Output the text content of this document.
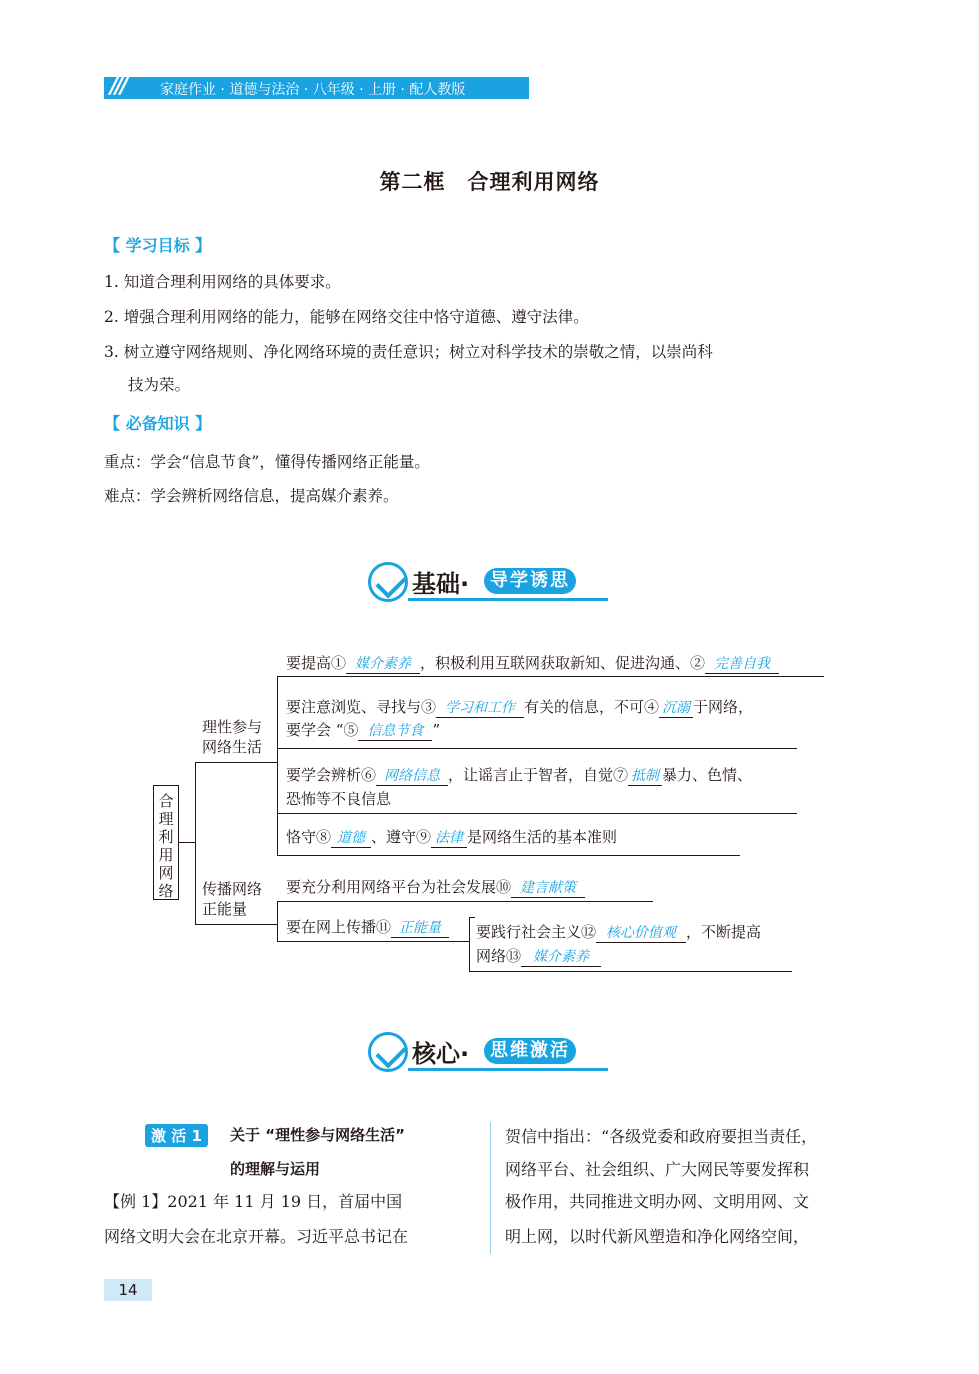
/// 家庭作业 · 道德与法治 · 八年级 · 上册 · 配人教版
第二框　合理利用网络
【 学习目标 】
1. 知道合理利用网络的具体要求。
2. 增强合理利用网络的能力，能够在网络交往中恪守道德、遵守法律。
3. 树立遵守网络规则、净化网络环境的责任意识；树立对科学技术的崇敬之情，以崇尚科
技为荣。
【 必备知识 】
重点：学会“信息节食”，懂得传播网络正能量。
难点：学会辨析网络信息，提高媒介素养。
基础·	导学诱思
合
理
利
用
网
络
理性参与
网络生活
传播网络
正能量
要提高① 媒介素养 ，积极利用互联网获取新知、促进沟通、② 完善自我
要注意浏览、寻找与③ 学习和工作 有关的信息，不可④ 沉溺 于网络，
要学会 “⑤ 信息节食 ”
要学会辨析⑥ 网络信息 ，让谣言止于智者，自觉⑦ 抵制 暴力、色情、
恐怖等不良信息
恪守⑧ 道德 、遵守⑨ 法律 是网络生活的基本准则
要充分利用网络平台为社会发展⑩ 建言献策
要在网上传播⑪ 正能量	要践行社会主义⑫ 核心价值观 ，不断提高
网络⑬ 媒介素养
核心·	思维激活
激 活 1	关于 “理性参与网络生活”
的理解与运用
【例 1】2021 年 11 月 19 日，首届中国
网络文明大会在北京开幕。习近平总书记在
贺信中指出：“各级党委和政府要担当责任，
网络平台、社会组织、广大网民等要发挥积
极作用，共同推进文明办网、文明用网、文
明上网，以时代新风塑造和净化网络空间，
14
